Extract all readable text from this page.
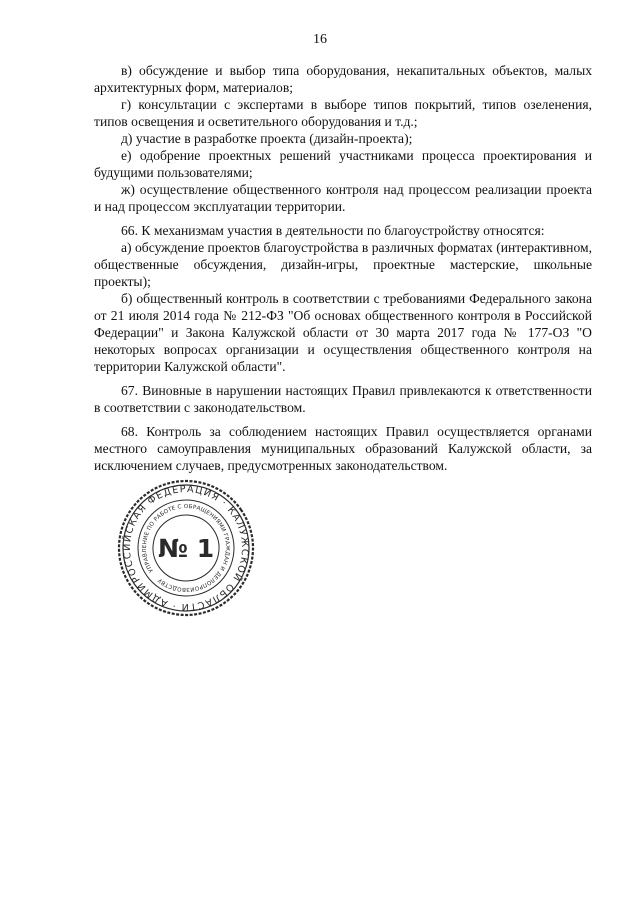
16

в) обсуждение и выбор типа оборудования, некапитальных объектов, малых архитектурных форм, материалов;

г) консультации с экспертами в выборе типов покрытий, типов озеленения, типов освещения и осветительного оборудования и т.д.;

д) участие в разработке проекта (дизайн-проекта);

е) одобрение проектных решений участниками процесса проектирования и будущими пользователями;

ж) осуществление общественного контроля над процессом реализации проекта и над процессом эксплуатации территории.

66. К механизмам участия в деятельности по благоустройству относятся:

а) обсуждение проектов благоустройства в различных форматах (интерактивном, общественные обсуждения, дизайн-игры, проектные мастерские, школьные проекты);

б) общественный контроль в соответствии с требованиями Федерального закона от 21 июля 2014 года № 212-ФЗ "Об основах общественного контроля в Российской Федерации" и Закона Калужской области от 30 марта 2017 года № 177-ОЗ "О некоторых вопросах организации и осуществления общественного контроля на территории Калужской области".

67. Виновные в нарушении настоящих Правил привлекаются к ответственности в соответствии с законодательством.

68. Контроль за соблюдением настоящих Правил осуществляется органами местного самоуправления муниципальных образований Калужской области, за исключением случаев, предусмотренных законодательством.

РОССИЙСКАЯ ФЕДЕРАЦИЯ · КАЛУЖСКОЙ ОБЛАСТИ · АДМИНИСТРАЦИЯ
УПРАВЛЕНИЕ ПО РАБОТЕ С ОБРАЩЕНИЯМИ ГРАЖДАН И ДЕЛОПРОИЗВОДСТВУ
№ 1
